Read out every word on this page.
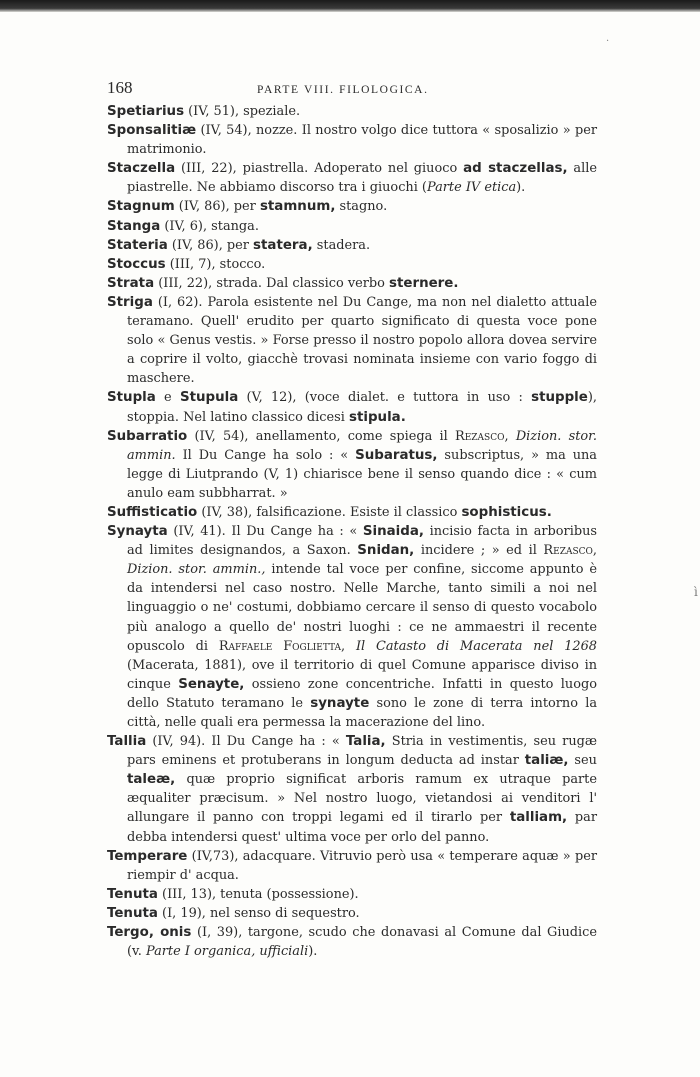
·
168	PARTE VIII. FILOLOGICA.
Spetiarius (IV, 51), speziale.
Sponsalitiæ (IV, 54), nozze. Il nostro volgo dice tuttora « sposalizio » per matrimonio.
Staczella (III, 22), piastrella. Adoperato nel giuoco ad staczellas, alle piastrelle. Ne abbiamo discorso tra i giuochi (Parte IV etica).
Stagnum (IV, 86), per stamnum, stagno.
Stanga (IV, 6), stanga.
Stateria (IV, 86), per statera, stadera.
Stoccus (III, 7), stocco.
Strata (III, 22), strada. Dal classico verbo sternere.
Striga (I, 62). Parola esistente nel Du Cange, ma non nel dialetto attuale teramano. Quell' erudito per quarto significato di questa voce pone solo « Genus vestis. » Forse presso il nostro popolo allora dovea servire a coprire il volto, giacchè trovasi nominata insieme con vario foggo di maschere.
Stupla e Stupula (V, 12), (voce dialet. e tuttora in uso : stupple), stoppia. Nel latino classico dicesi stipula.
Subarratio (IV, 54), anellamento, come spiega il Rezasco, Dizion. stor. ammin. Il Du Cange ha solo : « Subaratus, subscriptus, » ma una legge di Liutprando (V, 1) chiarisce bene il senso quando dice : « cum anulo eam subbharrat. »
Suffisticatio (IV, 38), falsificazione. Esiste il classico sophisticus.
Synayta (IV, 41). Il Du Cange ha : « Sinaida, incisio facta in arboribus ad limites designandos, a Saxon. Snidan, incidere ; » ed il Rezasco, Dizion. stor. ammin., intende tal voce per confine, siccome appunto è da intendersi nel caso nostro. Nelle Marche, tanto simili a noi nel linguaggio o ne' costumi, dobbiamo cercare il senso di questo vocabolo più analogo a quello de' nostri luoghi : ce ne ammaestri il recente opuscolo di Raffaele Foglietta, Il Catasto di Macerata nel 1268 (Macerata, 1881), ove il territorio di quel Comune apparisce diviso in cinque Senayte, ossieno zone concentriche. Infatti in questo luogo dello Statuto teramano le synayte sono le zone di terra intorno la città, nelle quali era permessa la macerazione del lino.
Tallia (IV, 94). Il Du Cange ha : « Talia, Stria in vestimentis, seu rugæ pars eminens et protuberans in longum deducta ad instar taliæ, seu taleæ, quæ proprio significat arboris ramum ex utraque parte æqualiter præcisum. » Nel nostro luogo, vietandosi ai venditori l' allungare il panno con troppi legami ed il tirarlo per talliam, par debba intendersi quest' ultima voce per orlo del panno.
Temperare (IV,73), adacquare. Vitruvio però usa « temperare aquæ » per riempir d' acqua.
Tenuta (III, 13), tenuta (possessione).
Tenuta (I, 19), nel senso di sequestro.
Tergo, onis (I, 39), targone, scudo che donavasi al Comune dal Giudice (v. Parte I organica, ufficiali).
ì
